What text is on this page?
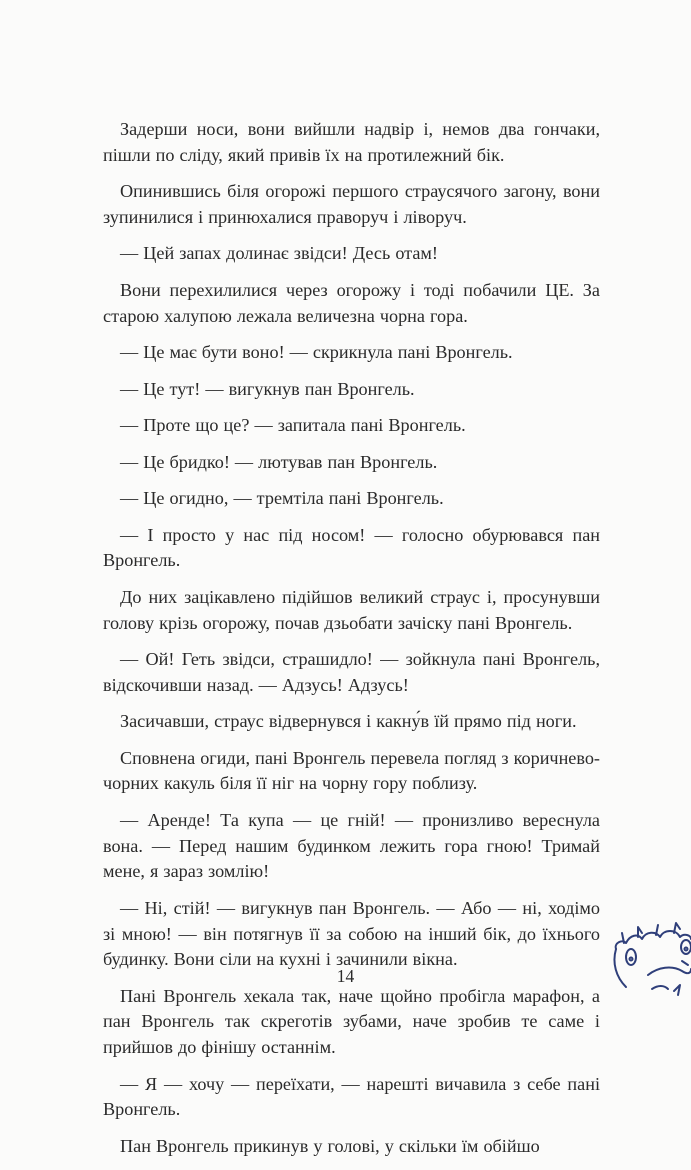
Задерши носи, вони вийшли надвір і, немов два гончаки, пішли по сліду, який привів їх на протилежний бік.

Опинившись біля огорожі першого страусячого загону, вони зупинилися і принюхалися праворуч і ліворуч.

— Цей запах долинає звідси! Десь отам!

Вони перехилилися через огорожу і тоді побачили ЦЕ. За старою халупою лежала величезна чорна гора.

— Це має бути воно! — скрикнула пані Вронгель.

— Це тут! — вигукнув пан Вронгель.

— Проте що це? — запитала пані Вронгель.

— Це бридко! — лютував пан Вронгель.

— Це огидно, — тремтіла пані Вронгель.

— І просто у нас під носом! — голосно обурювався пан Вронгель.

До них зацікавлено підійшов великий страус і, просунувши голову крізь огорожу, почав дзьобати зачіску пані Вронгель.

— Ой! Геть звідси, страшидло! — зойкнула пані Вронгель, відскочивши назад. — Адзусь! Адзусь!

Засичавши, страус відвернувся і какну́в їй прямо під ноги.

Сповнена огиди, пані Вронгель перевела погляд з коричнево-чорних какуль біля її ніг на чорну гору поблизу.

— Аренде! Та купа — це гній! — пронизливо вереснула вона. — Перед нашим будинком лежить гора гною! Тримай мене, я зараз зомлію!

— Ні, стій! — вигукнув пан Вронгель. — Або — ні, ходімо зі мною! — він потягнув її за собою на інший бік, до їхнього будинку. Вони сіли на кухні і зачинили вікна.

Пані Вронгель хекала так, наче щойно пробігла марафон, а пан Вронгель так скреготів зубами, наче зробив те саме і прийшов до фінішу останнім.

— Я — хочу — переїхати, — нарешті вичавила з себе пані Вронгель.

Пан Вронгель прикинув у голові, у скільки їм обійшо

14
